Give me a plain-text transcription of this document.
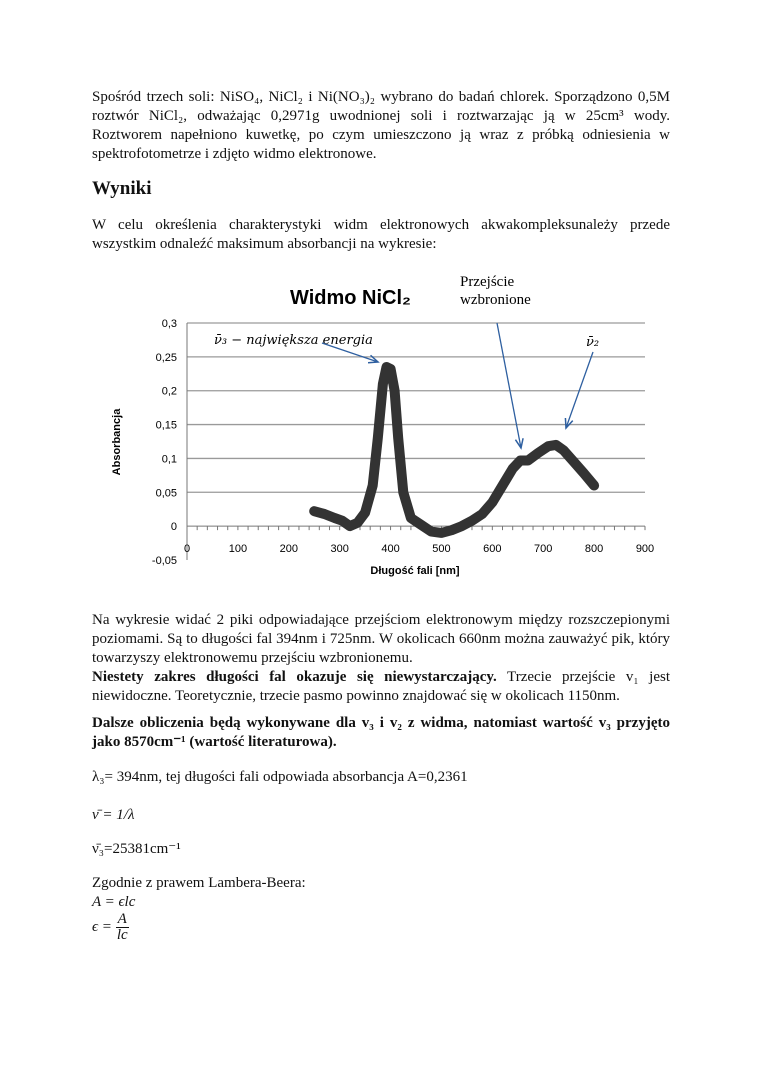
Spośród trzech soli: NiSO₄, NiCl₂ i Ni(NO₃)₂ wybrano do badań chlorek. Sporządzono 0,5M roztwór NiCl₂, odważając 0,2971g uwodnionej soli i roztwarzając ją w 25cm³ wody. Roztworem napełniono kuwetkę, po czym umieszczono ją wraz z próbką odniesienia w spektrofotometrze i zdjęto widmo elektronowe.

Wyniki

W celu określenia charakterystyki widm elektronowych akwakompleksunależy przede wszystkim odnaleźć maksimum absorbancji na wykresie:

Widmo NiCl₂
0,3
0,25
0,2
0,15
0,1
0,05
0
-0,05
0	100	200	300	400	500	600	700	800	900
ν̄₃ − największa energia
Przejście
wzbronione
ν̄₂
Długość fali [nm]
Absorbancja

Na wykresie widać 2 piki odpowiadające przejściom elektronowym między rozszczepionymi poziomami. Są to długości fal 394nm i 725nm. W okolicach 660nm można zauważyć pik, który towarzyszy elektronowemu przejściu wzbronionemu.

Niestety zakres długości fal okazuje się niewystarczający. Trzecie przejście v₁ jest niewidoczne. Teoretycznie, trzecie pasmo powinno znajdować się w okolicach 1150nm.

Dalsze obliczenia będą wykonywane dla v₃ i v₂ z widma, natomiast wartość v₃ przyjęto jako 8570cm⁻¹ (wartość literaturowa).

λ₃= 394nm, tej długości fali odpowiada absorbancja A=0,2361

ν̄ = 1/λ

ν̄₃=25381cm⁻¹

Zgodnie z prawem Lambera-Beera:

A = ϵlc

$\epsilon = \frac{A}{lc}$
